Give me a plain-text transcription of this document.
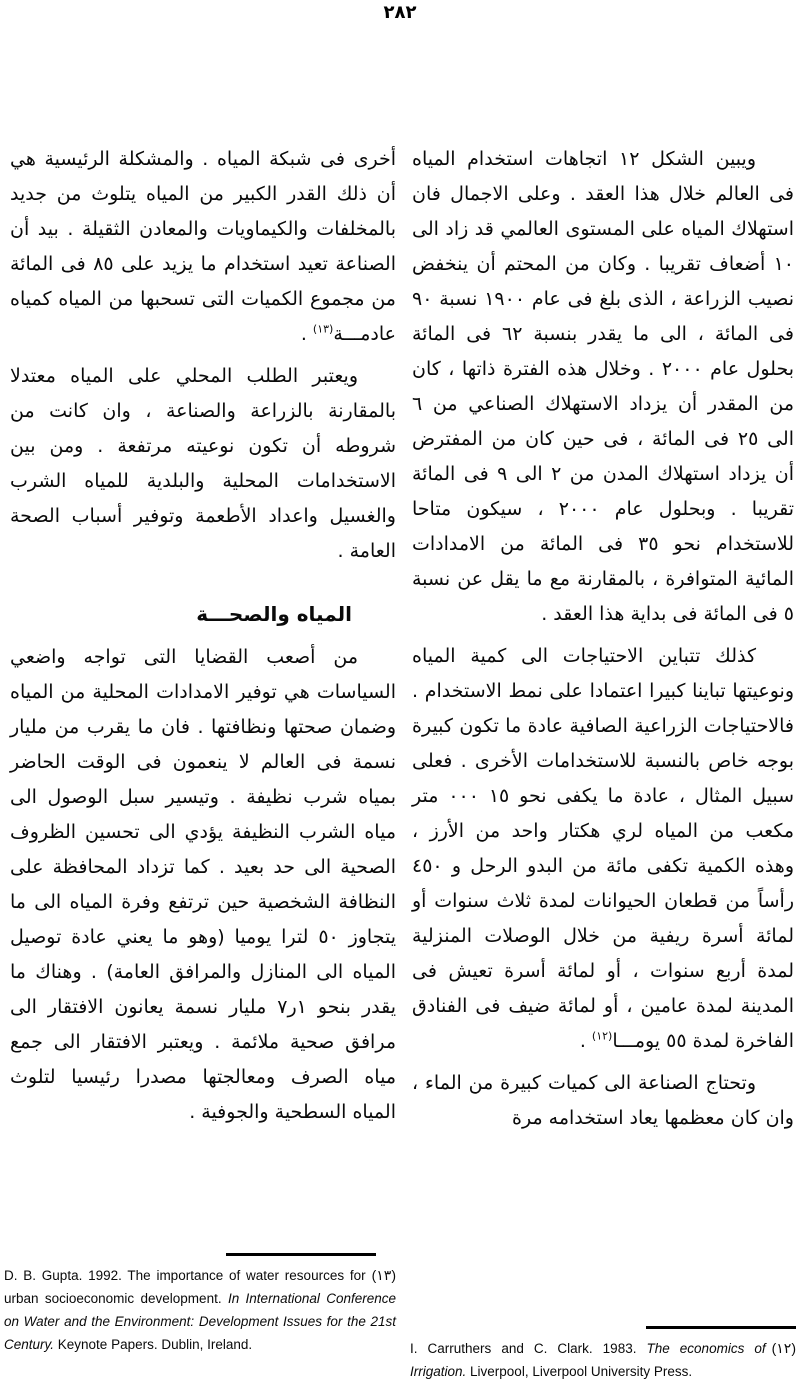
٢٨٢

ويبين الشكل ١٢ اتجاهات استخدام المياه فى العالم خلال هذا العقد . وعلى الاجمال فان استهلاك المياه على المستوى العالمي قد زاد الى ١٠ أضعاف تقريبا . وكان من المحتم أن ينخفض نصيب الزراعة ، الذى بلغ فى عام ١٩٠٠ نسبة ٩٠ فى المائة ، الى ما يقدر بنسبة ٦٢ فى المائة بحلول عام ٢٠٠٠ . وخلال هذه الفترة ذاتها ، كان من المقدر أن يزداد الاستهلاك الصناعي من ٦ الى ٢٥ فى المائة ، فى حين كان من المفترض أن يزداد استهلاك المدن من ٢ الى ٩ فى المائة تقريبا . وبحلول عام ٢٠٠٠ ، سيكون متاحا للاستخدام نحو ٣٥ فى المائة من الامدادات المائية المتوافرة ، بالمقارنة مع ما يقل عن نسبة ٥ فى المائة فى بداية هذا العقد .

كذلك تتباين الاحتياجات الى كمية المياه ونوعيتها تباينا كبيرا اعتمادا على نمط الاستخدام . فالاحتياجات الزراعية الصافية عادة ما تكون كبيرة بوجه خاص بالنسبة للاستخدامات الأخرى . فعلى سبيل المثال ، عادة ما يكفى نحو ١٥ ٠٠٠ متر مكعب من المياه لري هكتار واحد من الأرز ، وهذه الكمية تكفى مائة من البدو الرحل و ٤٥٠ رأساً من قطعان الحيوانات لمدة ثلاث سنوات أو لمائة أسرة ريفية من خلال الوصلات المنزلية لمدة أربع سنوات ، أو لمائة أسرة تعيش فى المدينة لمدة عامين ، أو لمائة ضيف فى الفنادق الفاخرة لمدة ٥٥ يومـــا$^{(١٢)}$ .

وتحتاج الصناعة الى كميات كبيرة من الماء ، وان كان معظمها يعاد استخدامه مرة

أخرى فى شبكة المياه . والمشكلة الرئيسية هي أن ذلك القدر الكبير من المياه يتلوث من جديد بالمخلفات والكيماويات والمعادن الثقيلة . بيد أن الصناعة تعيد استخدام ما يزيد على ٨٥ فى المائة من مجموع الكميات التى تسحبها من المياه كمياه عادمـــة$^{(١٣)}$ .

ويعتبر الطلب المحلي على المياه معتدلا بالمقارنة بالزراعة والصناعة ، وان كانت من شروطه أن تكون نوعيته مرتفعة . ومن بين الاستخدامات المحلية والبلدية للمياه الشرب والغسيل واعداد الأطعمة وتوفير أسباب الصحة العامة .

المياه والصحـــة

من أصعب القضايا التى تواجه واضعي السياسات هي توفير الامدادات المحلية من المياه وضمان صحتها ونظافتها . فان ما يقرب من مليار نسمة فى العالم لا ينعمون فى الوقت الحاضر بمياه شرب نظيفة . وتيسير سبل الوصول الى مياه الشرب النظيفة يؤدي الى تحسين الظروف الصحية الى حد بعيد . كما تزداد المحافظة على النظافة الشخصية حين ترتفع وفرة المياه الى ما يتجاوز ٥٠ لترا يوميا (وهو ما يعني عادة توصيل المياه الى المنازل والمرافق العامة) . وهناك ما يقدر بنحو ١ر٧ مليار نسمة يعانون الافتقار الى مرافق صحية ملائمة . ويعتبر الافتقار الى جمع مياه الصرف ومعالجتها مصدرا رئيسيا لتلوث المياه السطحية والجوفية .

(١٣)
D. B. Gupta. 1992. The importance of water resources for urban socioeconomic development. In International Conference on Water and the Environment: Development Issues for the 21st Century. Keynote Papers. Dublin, Ireland.	(١٢)
I. Carruthers and C. Clark. 1983. The economics of Irrigation. Liverpool, Liverpool University Press.
